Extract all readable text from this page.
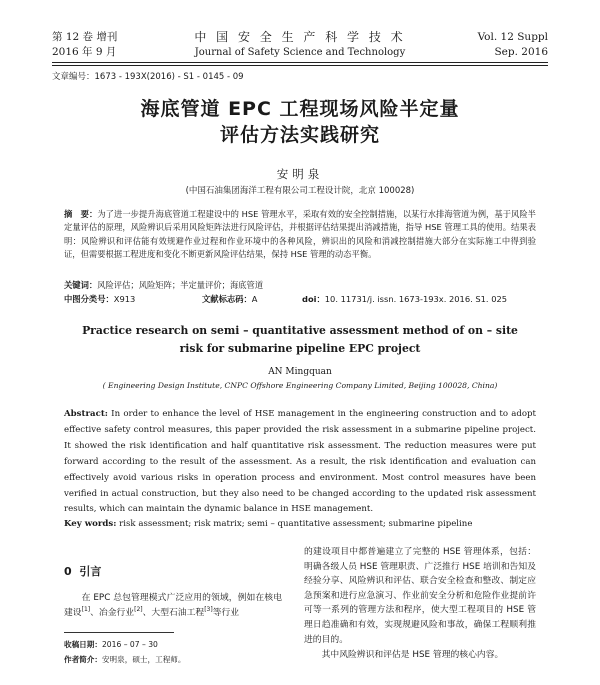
第 12 卷 增刊
2016 年 9 月
中 国 安 全 生 产 科 学 技 术
Journal of Safety Science and Technology
Vol. 12 Suppl
Sep. 2016
文章编号：1673 - 193X(2016) - S1 - 0145 - 09
海底管道 EPC 工程现场风险半定量
评估方法实践研究
安明泉
(中国石油集团海洋工程有限公司工程设计院，北京 100028)
摘　要：为了进一步提升海底管道工程建设中的 HSE 管理水平，采取有效的安全控制措施，以某行水排海管道为例，基于风险半定量评估的原理，风险辨识后采用风险矩阵法进行风险评估，并根据评估结果提出消减措施，指导 HSE 管理工具的使用。结果表明：风险辨识和评估能有效规避作业过程和作业环境中的各种风险，辨识出的风险和消减控制措施大部分在实际施工中得到验证，但需要根据工程进度和变化不断更新风险评估结果，保持 HSE 管理的动态平衡。
关键词：风险评估；风险矩阵；半定量评价；海底管道
中图分类号：X913	文献标志码：A	doi：10. 11731/j. issn. 1673-193x. 2016. S1. 025
Practice research on semi – quantitative assessment method of on – site
risk for submarine pipeline EPC project
AN Mingquan
( Engineering Design Institute, CNPC Offshore Engineering Company Limited, Beijing 100028, China)
Abstract: In order to enhance the level of HSE management in the engineering construction and to adopt effective safety control measures, this paper provided the risk assessment in a submarine pipeline project. It showed the risk identification and half quantitative risk assessment. The reduction measures were put forward according to the result of the assessment. As a result, the risk identification and evaluation can effectively avoid various risks in operation process and environment. Most control measures have been verified in actual construction, but they also need to be changed according to the updated risk assessment results, which can maintain the dynamic balance in HSE management.
Key words: risk assessment; risk matrix; semi – quantitative assessment; submarine pipeline
0 引言
在 EPC 总包管理模式广泛应用的领域，例如在核电建设[1]、冶金行业[2]、大型石油工程[3]等行业
收稿日期：2016 – 07 – 30
作者简介：安明泉，硕士，工程师。
的建设项目中都普遍建立了完整的 HSE 管理体系，包括：明确各级人员 HSE 管理职责、广泛推行 HSE 培训和告知及经验分享、风险辨识和评估、联合安全检查和整改、制定应急预案和进行应急演习、作业前安全分析和危险作业提前许可等一系列的管理方法和程序，使大型工程项目的 HSE 管理日趋准确和有效，实现规避风险和事故，确保工程顺利推进的目的。
其中风险辨识和评估是 HSE 管理的核心内容。
